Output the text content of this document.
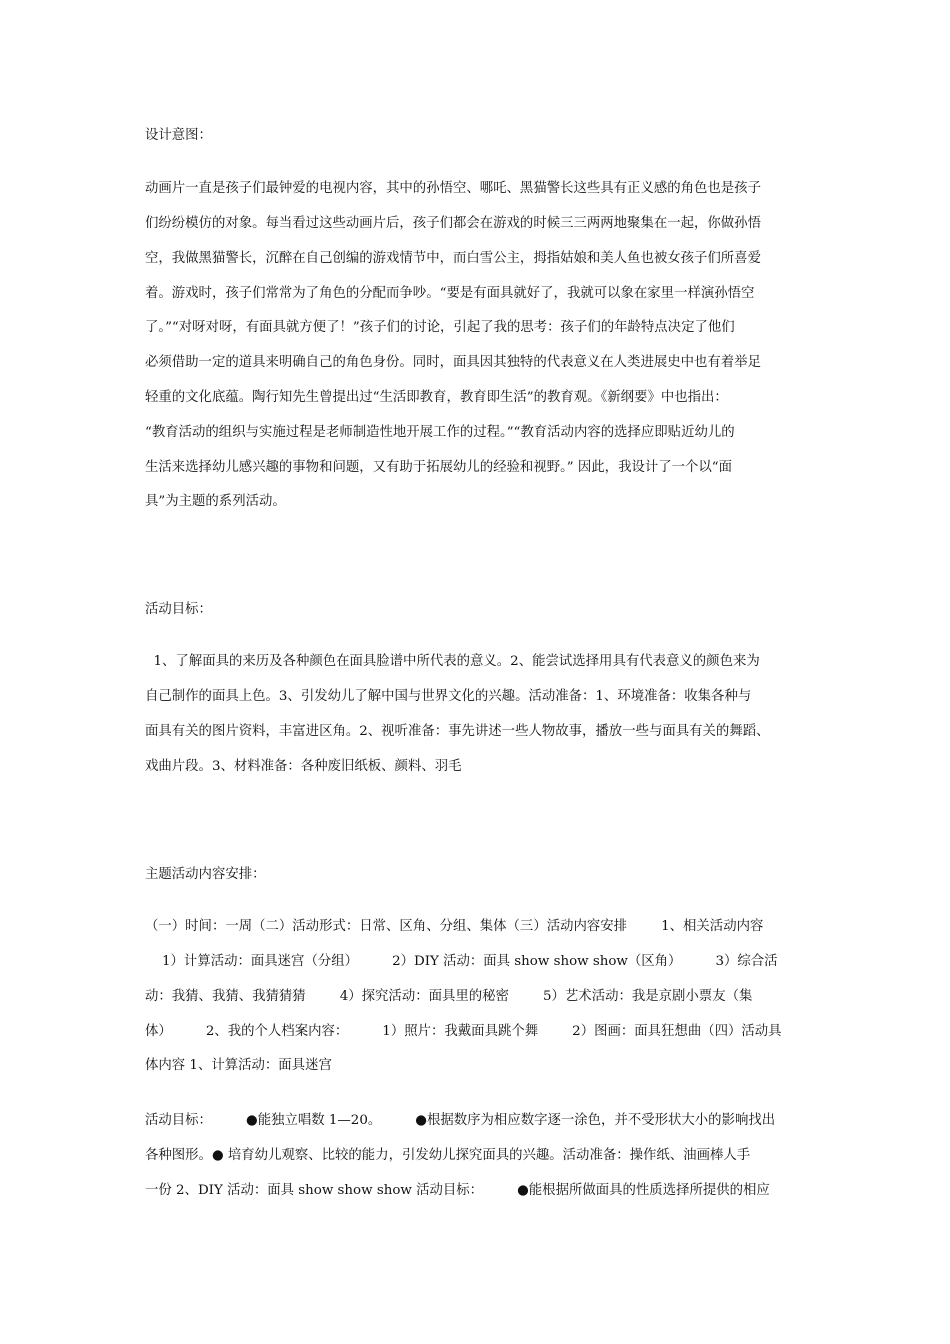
设计意图：
动画片一直是孩子们最钟爱的电视内容，其中的孙悟空、哪吒、黑猫警长这些具有正义感的角色也是孩子
们纷纷模仿的对象。每当看过这些动画片后，孩子们都会在游戏的时候三三两两地聚集在一起，你做孙悟
空，我做黑猫警长，沉醉在自己创编的游戏情节中，而白雪公主，拇指姑娘和美人鱼也被女孩子们所喜爱
着。游戏时，孩子们常常为了角色的分配而争吵。“要是有面具就好了，我就可以象在家里一样演孙悟空
了。”“对呀对呀，有面具就方便了！”孩子们的讨论，引起了我的思考：孩子们的年龄特点决定了他们
必须借助一定的道具来明确自己的角色身份。同时，面具因其独特的代表意义在人类进展史中也有着举足
轻重的文化底蕴。陶行知先生曾提出过“生活即教育，教育即生活”的教育观。《新纲要》中也指出：
“教育活动的组织与实施过程是老师制造性地开展工作的过程。”“教育活动内容的选择应即贴近幼儿的
生活来选择幼儿感兴趣的事物和问题，又有助于拓展幼儿的经验和视野。” 因此，我设计了一个以“面
具”为主题的系列活动。
活动目标：
1、了解面具的来历及各种颜色在面具脸谱中所代表的意义。2、能尝试选择用具有代表意义的颜色来为
自己制作的面具上色。3、引发幼儿了解中国与世界文化的兴趣。活动准备：1、环境准备：收集各种与
面具有关的图片资料，丰富进区角。2、视听准备：事先讲述一些人物故事，播放一些与面具有关的舞蹈、
戏曲片段。3、材料准备：各种废旧纸板、颜料、羽毛
主题活动内容安排：
（一）时间：一周（二）活动形式：日常、区角、分组、集体（三）活动内容安排        1、相关活动内容
1）计算活动：面具迷宫（分组）        2）DIY 活动：面具 show show show（区角）        3）综合活
动：我猜、我猜、我猜猜猜        4）探究活动：面具里的秘密        5）艺术活动：我是京剧小票友（集
体）        2、我的个人档案内容：        1）照片：我戴面具跳个舞        2）图画：面具狂想曲（四）活动具
体内容 1、计算活动：面具迷宫
活动目标：        ●能独立唱数 1—20。        ●根据数序为相应数字逐一涂色，并不受形状大小的影响找出
各种图形。● 培育幼儿观察、比较的能力，引发幼儿探究面具的兴趣。活动准备：操作纸、油画棒人手
一份 2、DIY 活动：面具 show show show 活动目标：        ●能根据所做面具的性质选择所提供的相应
